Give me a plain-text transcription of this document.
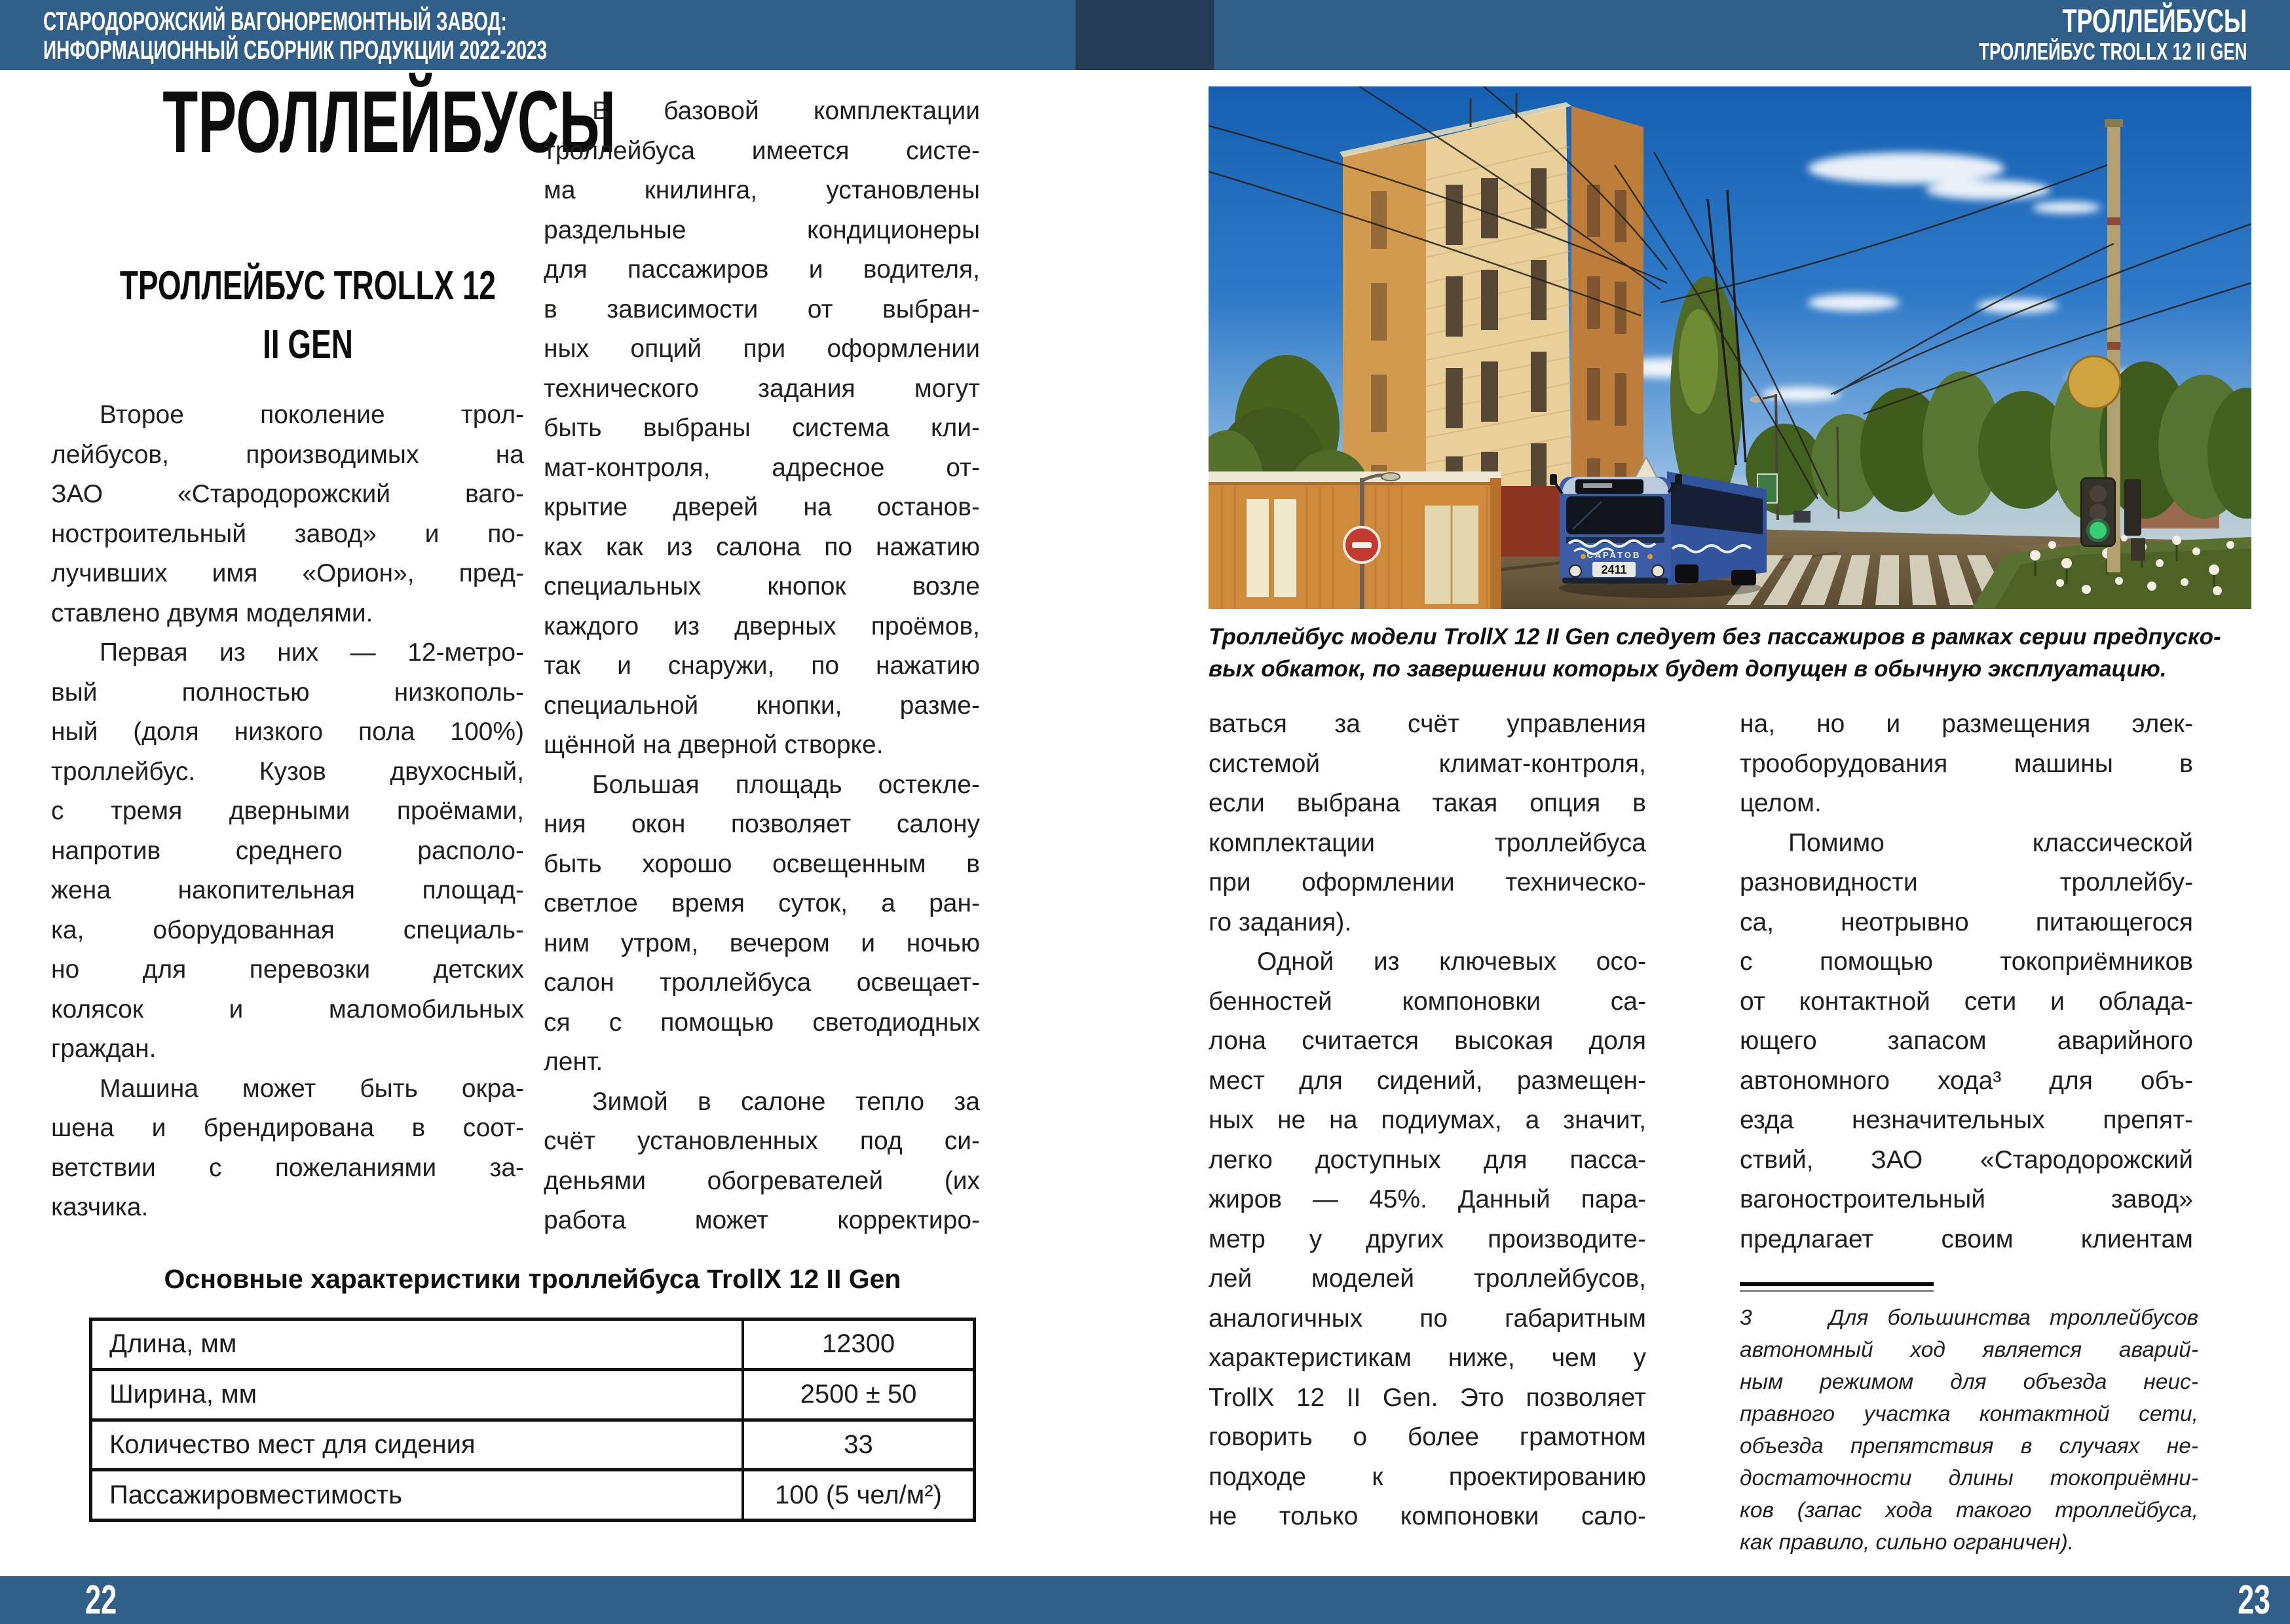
СТАРОДОРОЖСКИЙ ВАГОНОРЕМОНТНЫЙ ЗАВОД:
ИНФОРМАЦИОННЫЙ СБОРНИК ПРОДУКЦИИ 2022-2023
ТРОЛЛЕЙБУСЫ
ТРОЛЛЕЙБУС TROLLX 12 II GEN
ТРОЛЛЕЙБУСЫ
ТРОЛЛЕЙБУС TROLLX 12
II GEN
Второе поколение трол-
лейбусов, производимых на
ЗАО «Стародорожский ваго-
ностроительный завод» и по-
лучивших имя «Орион», пред-
ставлено двумя моделями.
Первая из них — 12-метро-
вый полностью низкополь-
ный (доля низкого пола 100%)
троллейбус. Кузов двухосный,
с тремя дверными проёмами,
напротив среднего располо-
жена накопительная площад-
ка, оборудованная специаль-
но для перевозки детских
колясок и маломобильных
граждан.
Машина может быть окра-
шена и брендирована в соот-
ветствии с пожеланиями за-
казчика.
В базовой комплектации
троллейбуса имеется систе-
ма книлинга, установлены
раздельные кондиционеры
для пассажиров и водителя,
в зависимости от выбран-
ных опций при оформлении
технического задания могут
быть выбраны система кли-
мат-контроля, адресное от-
крытие дверей на останов-
ках как из салона по нажатию
специальных кнопок возле
каждого из дверных проёмов,
так и снаружи, по нажатию
специальной кнопки, разме-
щённой на дверной створке.
Большая площадь остекле-
ния окон позволяет салону
быть хорошо освещенным в
светлое время суток, а ран-
ним утром, вечером и ночью
салон троллейбуса освещает-
ся с помощью светодиодных
лент.
Зимой в салоне тепло за
счёт установленных под си-
деньями обогревателей (их
работа может корректиро-
Основные характеристики троллейбуса TrollX 12 II Gen
Длина, мм	12300
Ширина, мм	2500 ± 50
Количество мест для сидения	33
Пассажировместимость	100 (5 чел/м²)
САРАТОВ
2411
Троллейбус модели TrollX 12 II Gen следует без пассажиров в рамках серии предпуско-
вых обкаток, по завершении которых будет допущен в обычную эксплуатацию.
ваться за счёт управления
системой климат-контроля,
если выбрана такая опция в
комплектации троллейбуса
при оформлении техническо-
го задания).
Одной из ключевых осо-
бенностей компоновки са-
лона считается высокая доля
мест для сидений, размещен-
ных не на подиумах, а значит,
легко доступных для пасса-
жиров — 45%. Данный пара-
метр у других производите-
лей моделей троллейбусов,
аналогичных по габаритным
характеристикам ниже, чем у
TrollX 12 II Gen. Это позволяет
говорить о более грамотном
подходе к проектированию
не только компоновки сало-
на, но и размещения элек-
трооборудования машины в
целом.
Помимо классической
разновидности троллейбу-
са, неотрывно питающегося
с помощью токоприёмников
от контактной сети и облада-
ющего запасом аварийного
автономного хода³ для объ-
езда незначительных препят-
ствий, ЗАО «Стародорожский
вагоностроительный завод»
предлагает своим клиентам
3    Для большинства троллейбусов
автономный ход является аварий-
ным режимом для объезда неис-
правного участка контактной сети,
объезда препятствия в случаях не-
достаточности длины токоприёмни-
ков (запас хода такого троллейбуса,
как правило, сильно ограничен).
22	23
